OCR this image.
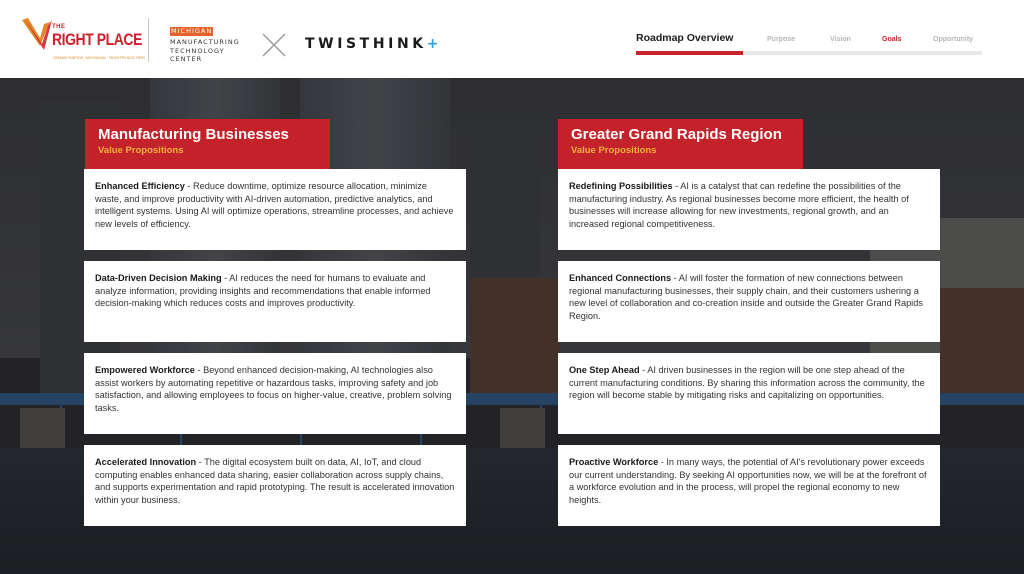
THE
RIGHT PLACE
GRAND RAPIDS, MICHIGAN · RIGHTPLACE.ORG
MICHIGAN
MANUFACTURING
TECHNOLOGY
CENTER
TWISTHINK+	Roadmap Overview	Purpose	Vision	Goals	Opportunity
Manufacturing Businesses
Value Propositions
Enhanced Efficiency - Reduce downtime, optimize resource allocation, minimize waste, and improve productivity with AI-driven automation, predictive analytics, and intelligent systems. Using AI will optimize operations, streamline processes, and achieve new levels of efficiency.
Data-Driven Decision Making - AI reduces the need for humans to evaluate and analyze information, providing insights and recommendations that enable informed decision-making which reduces costs and improves productivity.
Empowered Workforce - Beyond enhanced decision-making, AI technologies also assist workers by automating repetitive or hazardous tasks, improving safety and job satisfaction, and allowing employees to focus on higher-value, creative, problem solving tasks.
Accelerated Innovation - The digital ecosystem built on data, AI, IoT, and cloud computing enables enhanced data sharing, easier collaboration across supply chains, and supports experimentation and rapid prototyping. The result is accelerated innovation within your business.
Greater Grand Rapids Region
Value Propositions
Redefining Possibilities - AI is a catalyst that can redefine the possibilities of the manufacturing industry. As regional businesses become more efficient, the health of businesses will increase allowing for new investments, regional growth, and an increased regional competitiveness.
Enhanced Connections - AI will foster the formation of new connections between regional manufacturing businesses, their supply chain, and their customers ushering a new level of collaboration and co-creation inside and outside the Greater Grand Rapids Region.
One Step Ahead - AI driven businesses in the region will be one step ahead of the current manufacturing conditions. By sharing this information across the community, the region will become stable by mitigating risks and capitalizing on opportunities.
Proactive Workforce - In many ways, the potential of AI's revolutionary power exceeds our current understanding. By seeking AI opportunities now, we will be at the forefront of a workforce evolution and in the process, will propel the regional economy to new heights.
